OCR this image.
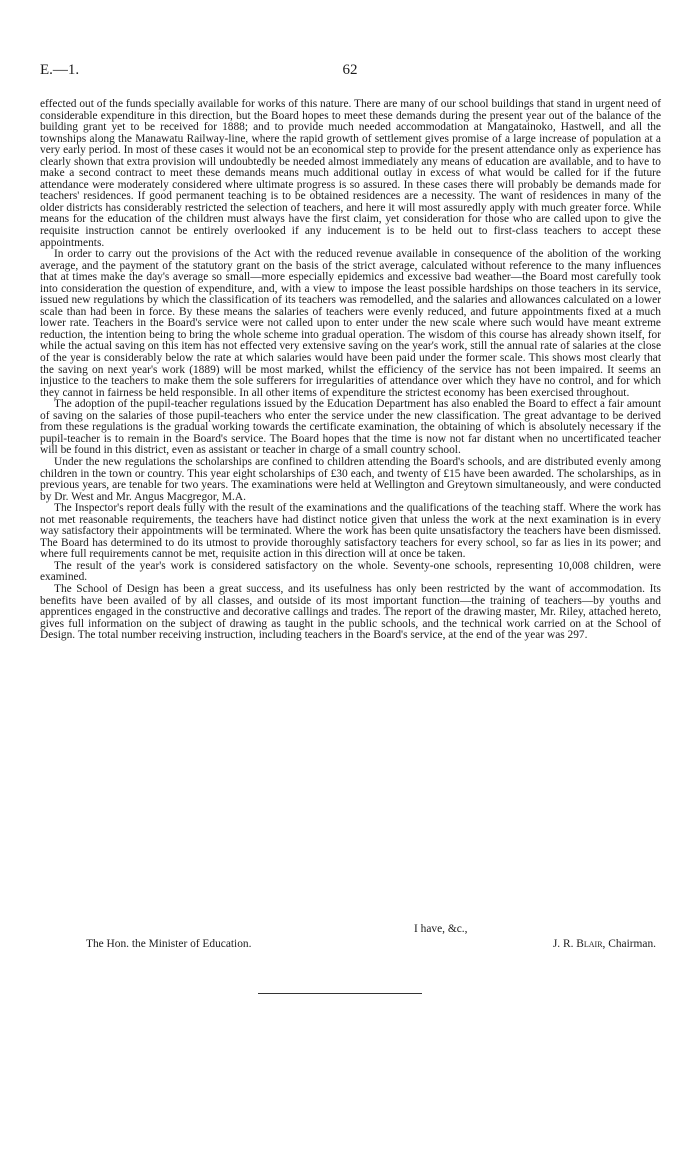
E.—1.	62

effected out of the funds specially available for works of this nature. There are many of our school buildings that stand in urgent need of considerable expenditure in this direction, but the Board hopes to meet these demands during the present year out of the balance of the building grant yet to be received for 1888; and to provide much needed accommodation at Mangatainoko, Hastwell, and all the townships along the Manawatu Railway-line, where the rapid growth of settlement gives promise of a large increase of population at a very early period. In most of these cases it would not be an economical step to provide for the present attendance only as experience has clearly shown that extra provision will undoubtedly be needed almost immediately any means of education are available, and to have to make a second contract to meet these demands means much additional outlay in excess of what would be called for if the future attendance were moderately considered where ultimate progress is so assured. In these cases there will probably be demands made for teachers' residences. If good permanent teaching is to be obtained residences are a necessity. The want of residences in many of the older districts has considerably restricted the selection of teachers, and here it will most assuredly apply with much greater force. While means for the education of the children must always have the first claim, yet consideration for those who are called upon to give the requisite instruction cannot be entirely overlooked if any inducement is to be held out to first-class teachers to accept these appointments.

In order to carry out the provisions of the Act with the reduced revenue available in consequence of the abolition of the working average, and the payment of the statutory grant on the basis of the strict average, calculated without reference to the many influences that at times make the day's average so small—more especially epidemics and excessive bad weather—the Board most carefully took into consideration the question of expenditure, and, with a view to impose the least possible hardships on those teachers in its service, issued new regulations by which the classification of its teachers was remodelled, and the salaries and allowances calculated on a lower scale than had been in force. By these means the salaries of teachers were evenly reduced, and future appointments fixed at a much lower rate. Teachers in the Board's service were not called upon to enter under the new scale where such would have meant extreme reduction, the intention being to bring the whole scheme into gradual operation. The wisdom of this course has already shown itself, for while the actual saving on this item has not effected very extensive saving on the year's work, still the annual rate of salaries at the close of the year is considerably below the rate at which salaries would have been paid under the former scale. This shows most clearly that the saving on next year's work (1889) will be most marked, whilst the efficiency of the service has not been impaired. It seems an injustice to the teachers to make them the sole sufferers for irregularities of attendance over which they have no control, and for which they cannot in fairness be held responsible. In all other items of expenditure the strictest economy has been exercised throughout.

The adoption of the pupil-teacher regulations issued by the Education Department has also enabled the Board to effect a fair amount of saving on the salaries of those pupil-teachers who enter the service under the new classification. The great advantage to be derived from these regulations is the gradual working towards the certificate examination, the obtaining of which is absolutely necessary if the pupil-teacher is to remain in the Board's service. The Board hopes that the time is now not far distant when no uncertificated teacher will be found in this district, even as assistant or teacher in charge of a small country school.

Under the new regulations the scholarships are confined to children attending the Board's schools, and are distributed evenly among children in the town or country. This year eight scholarships of £30 each, and twenty of £15 have been awarded. The scholarships, as in previous years, are tenable for two years. The examinations were held at Wellington and Greytown simultaneously, and were conducted by Dr. West and Mr. Angus Macgregor, M.A.

The Inspector's report deals fully with the result of the examinations and the qualifications of the teaching staff. Where the work has not met reasonable requirements, the teachers have had distinct notice given that unless the work at the next examination is in every way satisfactory their appointments will be terminated. Where the work has been quite unsatisfactory the teachers have been dismissed. The Board has determined to do its utmost to provide thoroughly satisfactory teachers for every school, so far as lies in its power; and where full requirements cannot be met, requisite action in this direction will at once be taken.

The result of the year's work is considered satisfactory on the whole. Seventy-one schools, representing 10,008 children, were examined.

The School of Design has been a great success, and its usefulness has only been restricted by the want of accommodation. Its benefits have been availed of by all classes, and outside of its most important function—the training of teachers—by youths and apprentices engaged in the constructive and decorative callings and trades. The report of the drawing master, Mr. Riley, attached hereto, gives full information on the subject of drawing as taught in the public schools, and the technical work carried on at the School of Design. The total number receiving instruction, including teachers in the Board's service, at the end of the year was 297.

I have, &c.,
The Hon. the Minister of Education.	J. R. Blair, Chairman.
